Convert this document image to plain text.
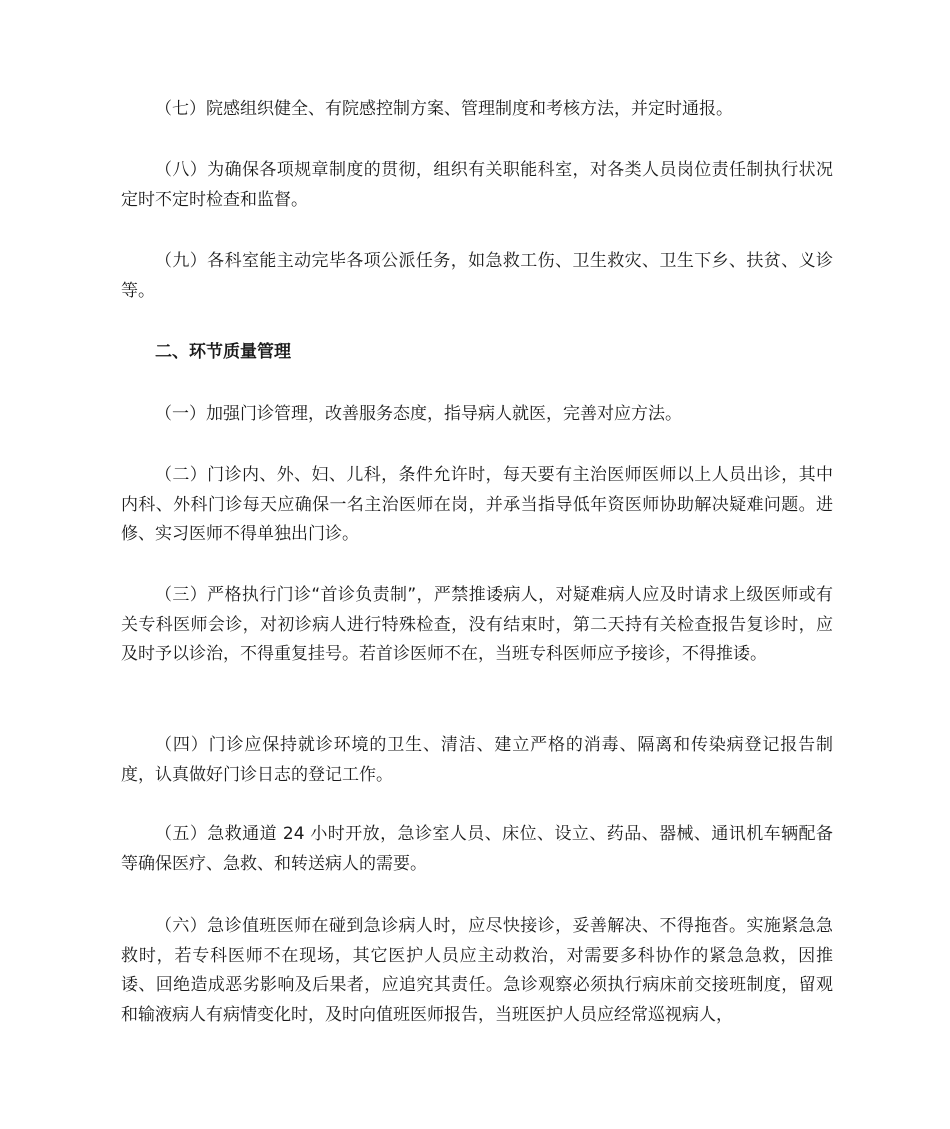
（七）院感组织健全、有院感控制方案、管理制度和考核方法，并定时通报。

（八）为确保各项规章制度的贯彻，组织有关职能科室，对各类人员岗位责任制执行状况定时不定时检查和监督。

（九）各科室能主动完毕各项公派任务，如急救工伤、卫生救灾、卫生下乡、扶贫、义诊等。

二、环节质量管理

（一）加强门诊管理，改善服务态度，指导病人就医，完善对应方法。

（二）门诊内、外、妇、儿科，条件允许时，每天要有主治医师医师以上人员出诊，其中内科、外科门诊每天应确保一名主治医师在岗，并承当指导低年资医师协助解决疑难问题。进修、实习医师不得单独出门诊。

（三）严格执行门诊“首诊负责制”，严禁推诿病人，对疑难病人应及时请求上级医师或有关专科医师会诊，对初诊病人进行特殊检查，没有结束时，第二天持有关检查报告复诊时，应及时予以诊治，不得重复挂号。若首诊医师不在，当班专科医师应予接诊，不得推诿。

（四）门诊应保持就诊环境的卫生、清洁、建立严格的消毒、隔离和传染病登记报告制度，认真做好门诊日志的登记工作。

（五）急救通道 24 小时开放，急诊室人员、床位、设立、药品、器械、通讯机车辆配备等确保医疗、急救、和转送病人的需要。

（六）急诊值班医师在碰到急诊病人时，应尽快接诊，妥善解决、不得拖沓。实施紧急急救时，若专科医师不在现场，其它医护人员应主动救治，对需要多科协作的紧急急救，因推诿、回绝造成恶劣影响及后果者，应追究其责任。急诊观察必须执行病床前交接班制度，留观和输液病人有病情变化时，及时向值班医师报告，当班医护人员应经常巡视病人，
